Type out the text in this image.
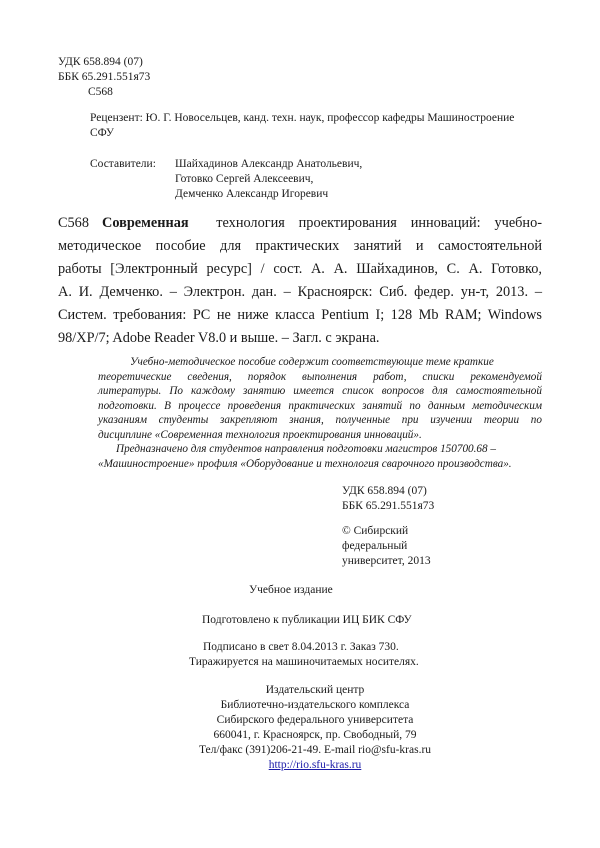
УДК 658.894 (07)
ББК 65.291.551я73
С568
Рецензент: Ю. Г. Новосельцев, канд. техн. наук, профессор кафедры Машиностроение
СФУ
Составители: Шайхадинов Александр Анатольевич,
Готовко Сергей Алексеевич,
Демченко Александр Игоревич
С568 Современная технология проектирования инноваций: учебно-
методическое пособие для практических занятий и самостоятельной
работы [Электронный ресурс] / сост. А. А. Шайхадинов, С. А. Готовко,
А. И. Демченко. – Электрон. дан. – Красноярск: Сиб. федер. ун-т, 2013. –
Систем. требования: PC не ниже класса Pentium I; 128 Mb RAM; Windows
98/XP/7; Adobe Reader V8.0 и выше. – Загл. с экрана.
Учебно-методическое пособие содержит соответствующие теме краткие
теоретические сведения, порядок выполнения работ, списки рекомендуемой
литературы. По каждому занятию имеется список вопросов для самостоятельной
подготовки. В процессе проведения практических занятий по данным методическим
указаниям студенты закрепляют знания, полученные при изучении теории по
дисциплине «Современная технология проектирования инноваций».
Предназначено для студентов направления подготовки магистров 150700.68 –
«Машиностроение» профиля «Оборудование и технология сварочного производства».
УДК 658.894 (07)
ББК 65.291.551я73
© Сибирский
федеральный
университет, 2013
Учебное издание
Подготовлено к публикации ИЦ БИК СФУ
Подписано в свет 8.04.2013 г. Заказ 730.
Тиражируется на машиночитаемых носителях.
Издательский центр
Библиотечно-издательского комплекса
Сибирского федерального университета
660041, г. Красноярск, пр. Свободный, 79
Тел/факс (391)206-21-49. E-mail rio@sfu-kras.ru
http://rio.sfu-kras.ru
